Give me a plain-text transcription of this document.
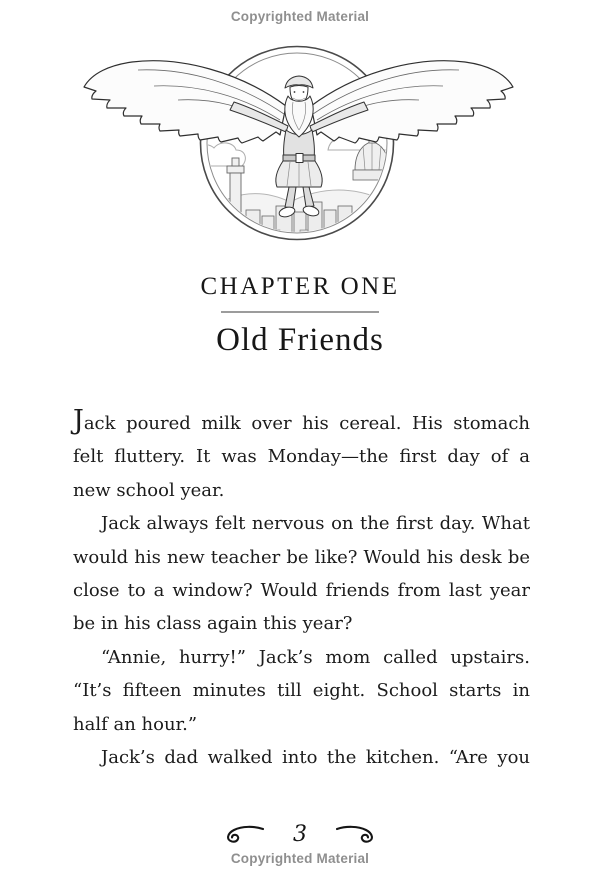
Copyrighted Material
CHAPTER ONE
Old Friends

Jack poured milk over his cereal. His stomach felt fluttery. It was Monday—the first day of a new school year.

Jack always felt nervous on the first day. What would his new teacher be like? Would his desk be close to a window? Would friends from last year be in his class again this year?

“Annie, hurry!” Jack’s mom called upstairs. “It’s fifteen minutes till eight. School starts in half an hour.”

Jack’s dad walked into the kitchen. “Are you

3
Copyrighted Material
